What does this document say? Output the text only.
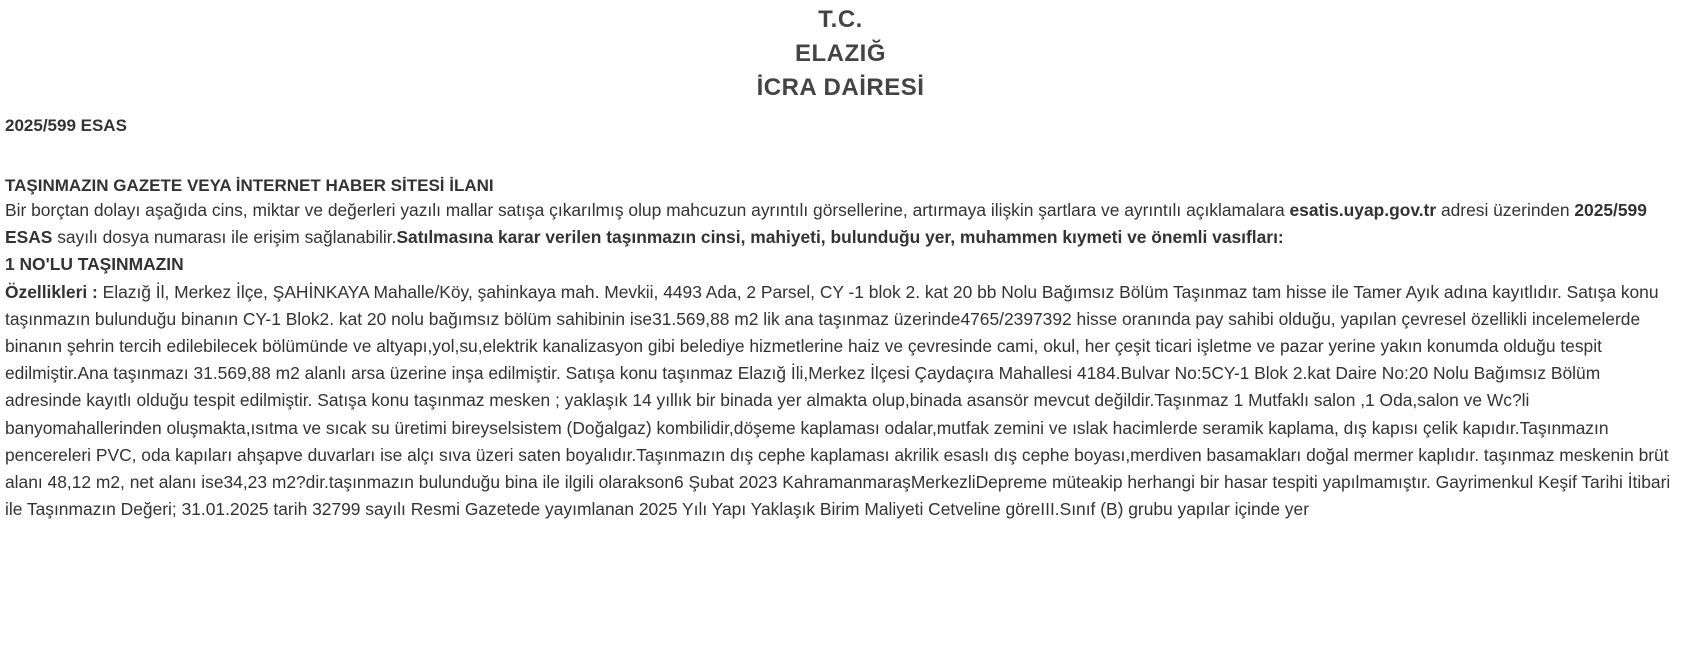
T.C.
ELAZIĞ
İCRA DAİRESİ
2025/599 ESAS
TAŞINMAZIN GAZETE VEYA İNTERNET HABER SİTESİ İLANI

Bir borçtan dolayı aşağıda cins, miktar ve değerleri yazılı mallar satışa çıkarılmış olup mahcuzun ayrıntılı görsellerine, artırmaya ilişkin şartlara ve ayrıntılı açıklamalara esatis.uyap.gov.tr adresi üzerinden 2025/599 ESAS sayılı dosya numarası ile erişim sağlanabilir.Satılmasına karar verilen taşınmazın cinsi, mahiyeti, bulunduğu yer, muhammen kıymeti ve önemli vasıfları:

1 NO'LU TAŞINMAZIN

Özellikleri : Elazığ İl, Merkez İlçe, ŞAHİNKAYA Mahalle/Köy, şahinkaya mah. Mevkii, 4493 Ada, 2 Parsel, CY -1 blok 2. kat 20 bb Nolu Bağımsız Bölüm Taşınmaz tam hisse ile Tamer Ayık adına kayıtlıdır. Satışa konu taşınmazın bulunduğu binanın CY-1 Blok2. kat 20 nolu bağımsız bölüm sahibinin ise31.569,88 m2 lik ana taşınmaz üzerinde4765/2397392 hisse oranında pay sahibi olduğu, yapılan çevresel özellikli incelemelerde binanın şehrin tercih edilebilecek bölümünde ve altyapı,yol,su,elektrik kanalizasyon gibi belediye hizmetlerine haiz ve çevresinde cami, okul, her çeşit ticari işletme ve pazar yerine yakın konumda olduğu tespit edilmiştir.Ana taşınmazı 31.569,88 m2 alanlı arsa üzerine inşa edilmiştir. Satışa konu taşınmaz Elazığ İli,Merkez İlçesi Çaydaçıra Mahallesi 4184.Bulvar No:5CY-1 Blok 2.kat Daire No:20 Nolu Bağımsız Bölüm adresinde kayıtlı olduğu tespit edilmiştir. Satışa konu taşınmaz mesken ; yaklaşık 14 yıllık bir binada yer almakta olup,binada asansör mevcut değildir.Taşınmaz 1 Mutfaklı salon ,1 Oda,salon ve Wc?li banyomahallerinden oluşmakta,ısıtma ve sıcak su üretimi bireyselsistem (Doğalgaz) kombilidir,döşeme kaplaması odalar,mutfak zemini ve ıslak hacimlerde seramik kaplama, dış kapısı çelik kapıdır.Taşınmazın pencereleri PVC, oda kapıları ahşapve duvarları ise alçı sıva üzeri saten boyalıdır.Taşınmazın dış cephe kaplaması akrilik esaslı dış cephe boyası,merdiven basamakları doğal mermer kaplıdır. taşınmaz meskenin brüt alanı 48,12 m2, net alanı ise34,23 m2?dir.taşınmazın bulunduğu bina ile ilgili olarakson6 Şubat 2023 KahramanmaraşMerkezliDepreme müteakip herhangi bir hasar tespiti yapılmamıştır. Gayrimenkul Keşif Tarihi İtibari ile Taşınmazın Değeri; 31.01.2025 tarih 32799 sayılı Resmi Gazetede yayımlanan 2025 Yılı Yapı Yaklaşık Birim Maliyeti Cetveline göreIII.Sınıf (B) grubu yapılar içinde yer
